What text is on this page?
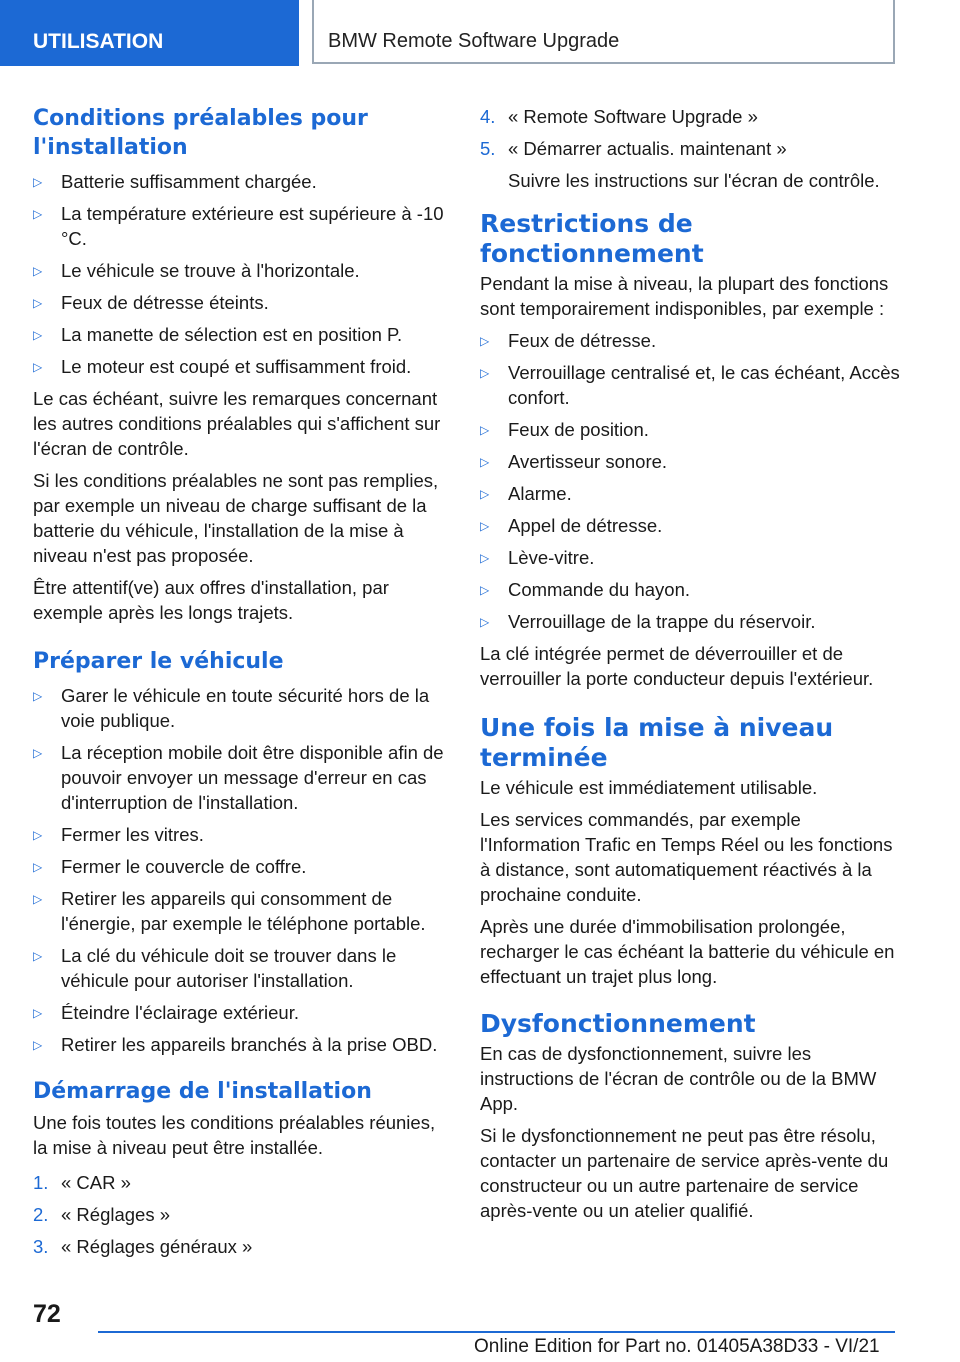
UTILISATION	BMW Remote Software Upgrade
Conditions préalables pour l'installation
▷ Batterie suffisamment chargée.
▷ La température extérieure est supérieure à -10 °C.
▷ Le véhicule se trouve à l'horizontale.
▷ Feux de détresse éteints.
▷ La manette de sélection est en position P.
▷ Le moteur est coupé et suffisamment froid.

Le cas échéant, suivre les remarques concernant les autres conditions préalables qui s'affichent sur l'écran de contrôle.

Si les conditions préalables ne sont pas remplies, par exemple un niveau de charge suffisant de la batterie du véhicule, l'installation de la mise à niveau n'est pas proposée.

Être attentif(ve) aux offres d'installation, par exemple après les longs trajets.

Préparer le véhicule
▷ Garer le véhicule en toute sécurité hors de la voie publique.
▷ La réception mobile doit être disponible afin de pouvoir envoyer un message d'erreur en cas d'interruption de l'installation.
▷ Fermer les vitres.
▷ Fermer le couvercle de coffre.
▷ Retirer les appareils qui consomment de l'énergie, par exemple le téléphone portable.
▷ La clé du véhicule doit se trouver dans le véhicule pour autoriser l'installation.
▷ Éteindre l'éclairage extérieur.
▷ Retirer les appareils branchés à la prise OBD.
Démarrage de l'installation

Une fois toutes les conditions préalables réunies, la mise à niveau peut être installée.

1. « CAR »
2. « Réglages »
3. « Réglages généraux »
4. « Remote Software Upgrade »
5. « Démarrer actualis. maintenant »
Suivre les instructions sur l'écran de contrôle.
Restrictions de fonctionnement

Pendant la mise à niveau, la plupart des fonctions sont temporairement indisponibles, par exemple :

▷ Feux de détresse.
▷ Verrouillage centralisé et, le cas échéant, Accès confort.
▷ Feux de position.
▷ Avertisseur sonore.
▷ Alarme.
▷ Appel de détresse.
▷ Lève-vitre.
▷ Commande du hayon.
▷ Verrouillage de la trappe du réservoir.

La clé intégrée permet de déverrouiller et de verrouiller la porte conducteur depuis l'extérieur.

Une fois la mise à niveau terminée

Le véhicule est immédiatement utilisable.

Les services commandés, par exemple l'Information Trafic en Temps Réel ou les fonctions à distance, sont automatiquement réactivés à la prochaine conduite.

Après une durée d'immobilisation prolongée, recharger le cas échéant la batterie du véhicule en effectuant un trajet plus long.

Dysfonctionnement

En cas de dysfonctionnement, suivre les instructions de l'écran de contrôle ou de la BMW App.

Si le dysfonctionnement ne peut pas être résolu, contacter un partenaire de service après-vente du constructeur ou un autre partenaire de service après-vente ou un atelier qualifié.

72
Online Edition for Part no. 01405A38D33 - VI/21
